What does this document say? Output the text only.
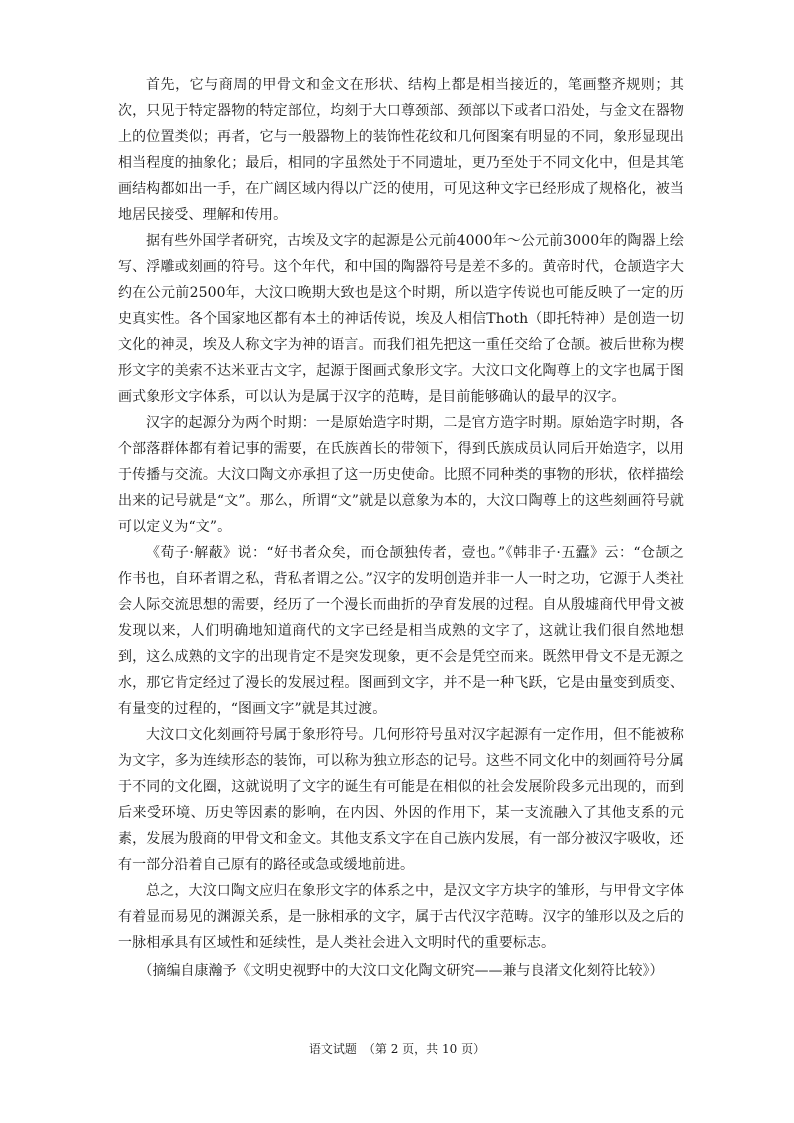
首先，它与商周的甲骨文和金文在形状、结构上都是相当接近的，笔画整齐规则；其次，只见于特定器物的特定部位，均刻于大口尊颈部、颈部以下或者口沿处，与金文在器物上的位置类似；再者，它与一般器物上的装饰性花纹和几何图案有明显的不同，象形显现出相当程度的抽象化；最后，相同的字虽然处于不同遗址，更乃至处于不同文化中，但是其笔画结构都如出一手，在广阔区域内得以广泛的使用，可见这种文字已经形成了规格化，被当地居民接受、理解和传用。

据有些外国学者研究，古埃及文字的起源是公元前4000年～公元前3000年的陶器上绘写、浮雕或刻画的符号。这个年代，和中国的陶器符号是差不多的。黄帝时代，仓颉造字大约在公元前2500年，大汶口晚期大致也是这个时期，所以造字传说也可能反映了一定的历史真实性。各个国家地区都有本土的神话传说，埃及人相信Thoth（即托特神）是创造一切文化的神灵，埃及人称文字为神的语言。而我们祖先把这一重任交给了仓颉。被后世称为楔形文字的美索不达米亚古文字，起源于图画式象形文字。大汶口文化陶尊上的文字也属于图画式象形文字体系，可以认为是属于汉字的范畴，是目前能够确认的最早的汉字。

汉字的起源分为两个时期：一是原始造字时期，二是官方造字时期。原始造字时期，各个部落群体都有着记事的需要，在氏族酋长的带领下，得到氏族成员认同后开始造字，以用于传播与交流。大汶口陶文亦承担了这一历史使命。比照不同种类的事物的形状，依样描绘出来的记号就是“文”。那么，所谓“文”就是以意象为本的，大汶口陶尊上的这些刻画符号就可以定义为“文”。

《荀子·解蔽》说：“好书者众矣，而仓颉独传者，壹也。”《韩非子·五蠹》云：“仓颉之作书也，自环者谓之私，背私者谓之公。”汉字的发明创造并非一人一时之功，它源于人类社会人际交流思想的需要，经历了一个漫长而曲折的孕育发展的过程。自从殷墟商代甲骨文被发现以来，人们明确地知道商代的文字已经是相当成熟的文字了，这就让我们很自然地想到，这么成熟的文字的出现肯定不是突发现象，更不会是凭空而来。既然甲骨文不是无源之水，那它肯定经过了漫长的发展过程。图画到文字，并不是一种飞跃，它是由量变到质变、有量变的过程的，“图画文字”就是其过渡。

大汶口文化刻画符号属于象形符号。几何形符号虽对汉字起源有一定作用，但不能被称为文字，多为连续形态的装饰，可以称为独立形态的记号。这些不同文化中的刻画符号分属于不同的文化圈，这就说明了文字的诞生有可能是在相似的社会发展阶段多元出现的，而到后来受环境、历史等因素的影响，在内因、外因的作用下，某一支流融入了其他支系的元素，发展为殷商的甲骨文和金文。其他支系文字在自己族内发展，有一部分被汉字吸收，还有一部分沿着自己原有的路径或急或缓地前进。

总之，大汶口陶文应归在象形文字的体系之中，是汉文字方块字的雏形，与甲骨文字体有着显而易见的渊源关系，是一脉相承的文字，属于古代汉字范畴。汉字的雏形以及之后的一脉相承具有区域性和延续性，是人类社会进入文明时代的重要标志。

（摘编自康瀚予《文明史视野中的大汶口文化陶文研究——兼与良渚文化刻符比较》）

语文试题　（第 2 页，共 10 页）
